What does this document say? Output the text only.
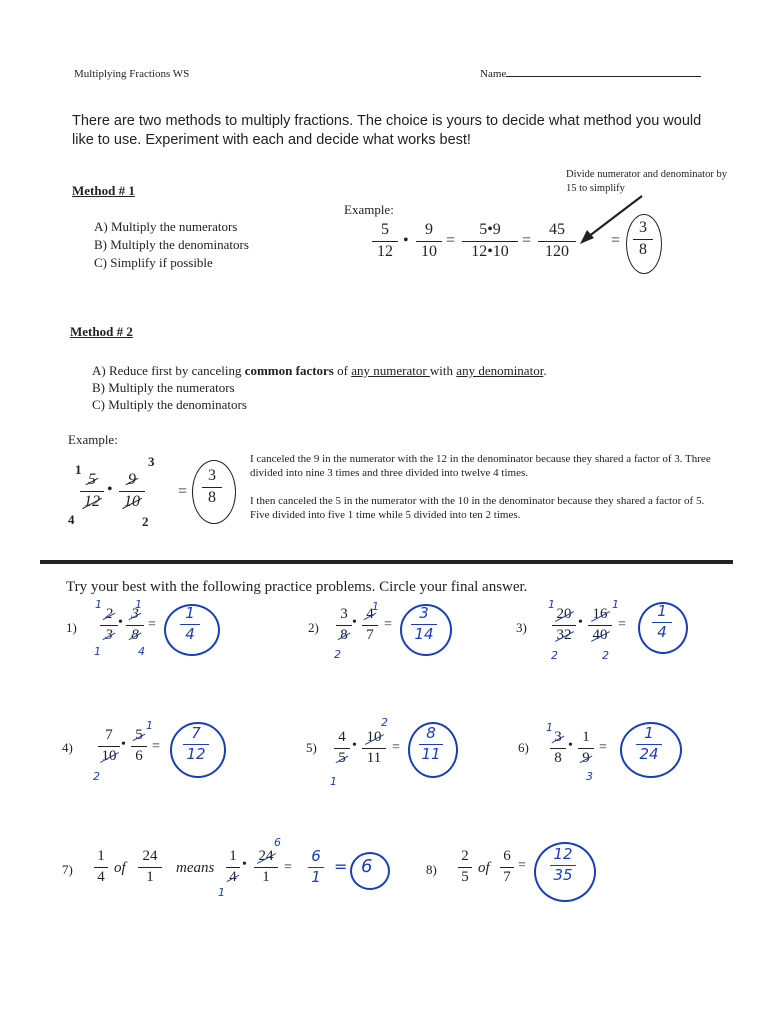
Multiplying Fractions WS	Name
There are two methods to multiply fractions. The choice is yours to decide what method you would like to use. Experiment with each and decide what works best!
Method # 1
A) Multiply the numerators
B) Multiply the denominators
C) Simplify if possible
Example:
Divide numerator and denominator by 15 to simplify
5
12
•
9
10
=
5•9
12•10
=
45
120
=
3
8
Method # 2
A) Reduce first by canceling common factors of any numerator with any denominator.
B) Multiply the numerators
C) Multiply the denominators
Example:
1
3
4	2
5
12
•
9
10
=
3
8
I canceled the 9 in the numerator with the 12 in the denominator because they shared a factor of 3. Three divided into nine 3 times and three divided into twelve 4 times.
I then canceled the 5 in the numerator with the 10 in the denominator because they shared a factor of 5. Five divided into five 1 time while 5 divided into ten 2 times.
Try your best with the following practice problems. Circle your final answer.
1)
1	1
1	4
2
3
•
3
8
=
1
4	2)
1
2
3
8
•
4
7
=
3
14	3)
1	1
2	2
20
32
•
16
40
=
1
4
4)
1
2
7
10
•
5
6
=
7
12	5)
2
1
4
5
•
10
11
=
8
11	6)
1
3
3
8
•
1
9
=
1
24
7)
1
4
of
24
1
means
6
1
1
4
•
24
1
=
6
1
= 6	8)
2
5
of
6
7
=
12
35
